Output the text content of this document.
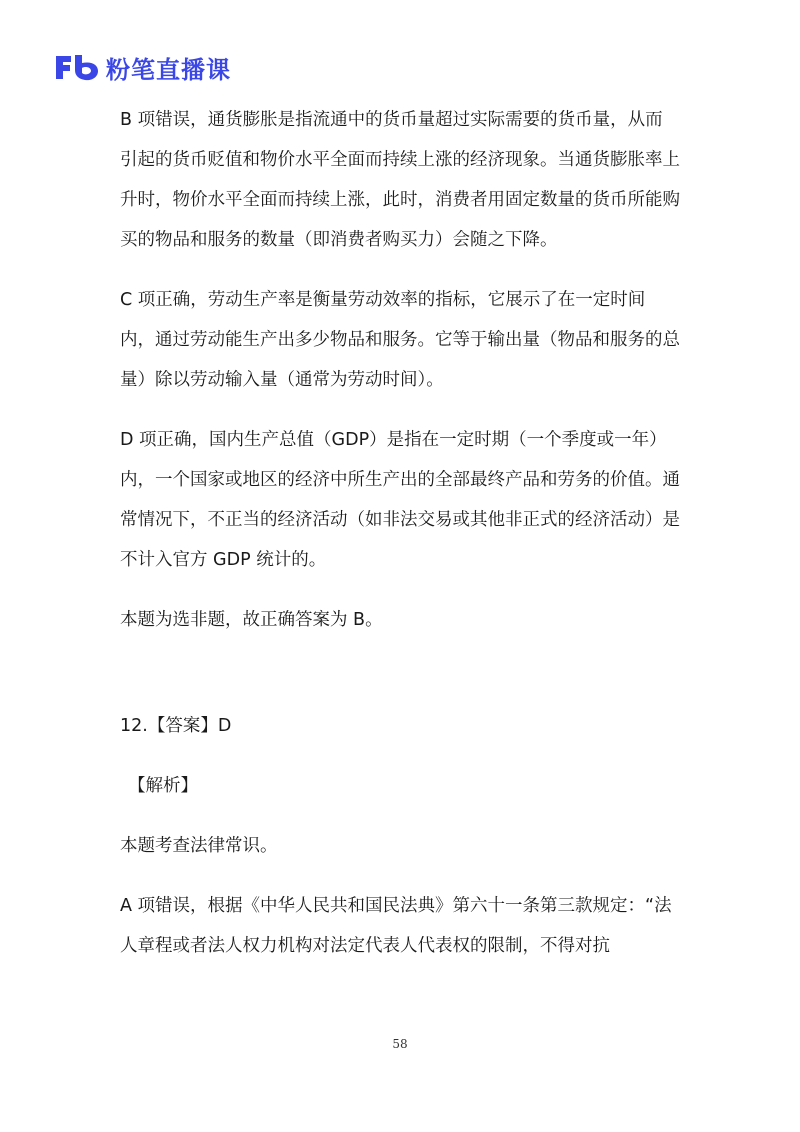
粉笔直播课

B 项错误，通货膨胀是指流通中的货币量超过实际需要的货币量，从而引起的货币贬值和物价水平全面而持续上涨的经济现象。当通货膨胀率上升时，物价水平全面而持续上涨，此时，消费者用固定数量的货币所能购买的物品和服务的数量（即消费者购买力）会随之下降。

C 项正确，劳动生产率是衡量劳动效率的指标，它展示了在一定时间内，通过劳动能生产出多少物品和服务。它等于输出量（物品和服务的总量）除以劳动输入量（通常为劳动时间）。

D 项正确，国内生产总值（GDP）是指在一定时期（一个季度或一年）内，一个国家或地区的经济中所生产出的全部最终产品和劳务的价值。通常情况下，不正当的经济活动（如非法交易或其他非正式的经济活动）是不计入官方 GDP 统计的。

本题为选非题，故正确答案为 B。

12.【答案】D

【解析】

本题考查法律常识。

A 项错误，根据《中华人民共和国民法典》第六十一条第三款规定：“法人章程或者法人权力机构对法定代表人代表权的限制，不得对抗

58
